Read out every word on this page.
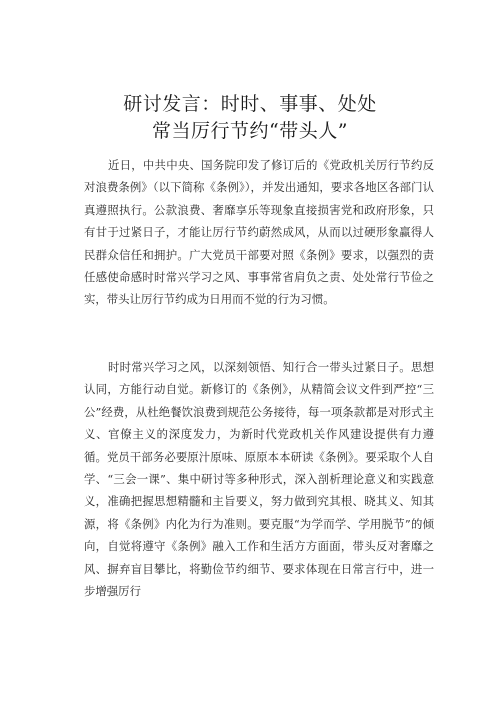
研讨发言：时时、事事、处处
常当厉行节约“带头人”

近日，中共中央、国务院印发了修订后的《党政机关厉行节约反对浪费条例》（以下简称《条例》），并发出通知，要求各地区各部门认真遵照执行。公款浪费、奢靡享乐等现象直接损害党和政府形象，只有甘于过紧日子，才能让厉行节约蔚然成风，从而以过硬形象赢得人民群众信任和拥护。广大党员干部要对照《条例》要求，以强烈的责任感使命感时时常兴学习之风、事事常省肩负之责、处处常行节俭之实，带头让厉行节约成为日用而不觉的行为习惯。

时时常兴学习之风，以深刻领悟、知行合一带头过紧日子。思想认同，方能行动自觉。新修订的《条例》，从精简会议文件到严控“三公”经费，从杜绝餐饮浪费到规范公务接待，每一项条款都是对形式主义、官僚主义的深度发力，为新时代党政机关作风建设提供有力遵循。党员干部务必要原汁原味、原原本本研读《条例》。要采取个人自学、“三会一课”、集中研讨等多种形式，深入剖析理论意义和实践意义，准确把握思想精髓和主旨要义，努力做到究其根、晓其义、知其源，将《条例》内化为行为准则。要克服“为学而学、学用脱节”的倾向，自觉将遵守《条例》融入工作和生活方方面面，带头反对奢靡之风、摒弃盲目攀比，将勤俭节约细节、要求体现在日常言行中，进一步增强厉行
